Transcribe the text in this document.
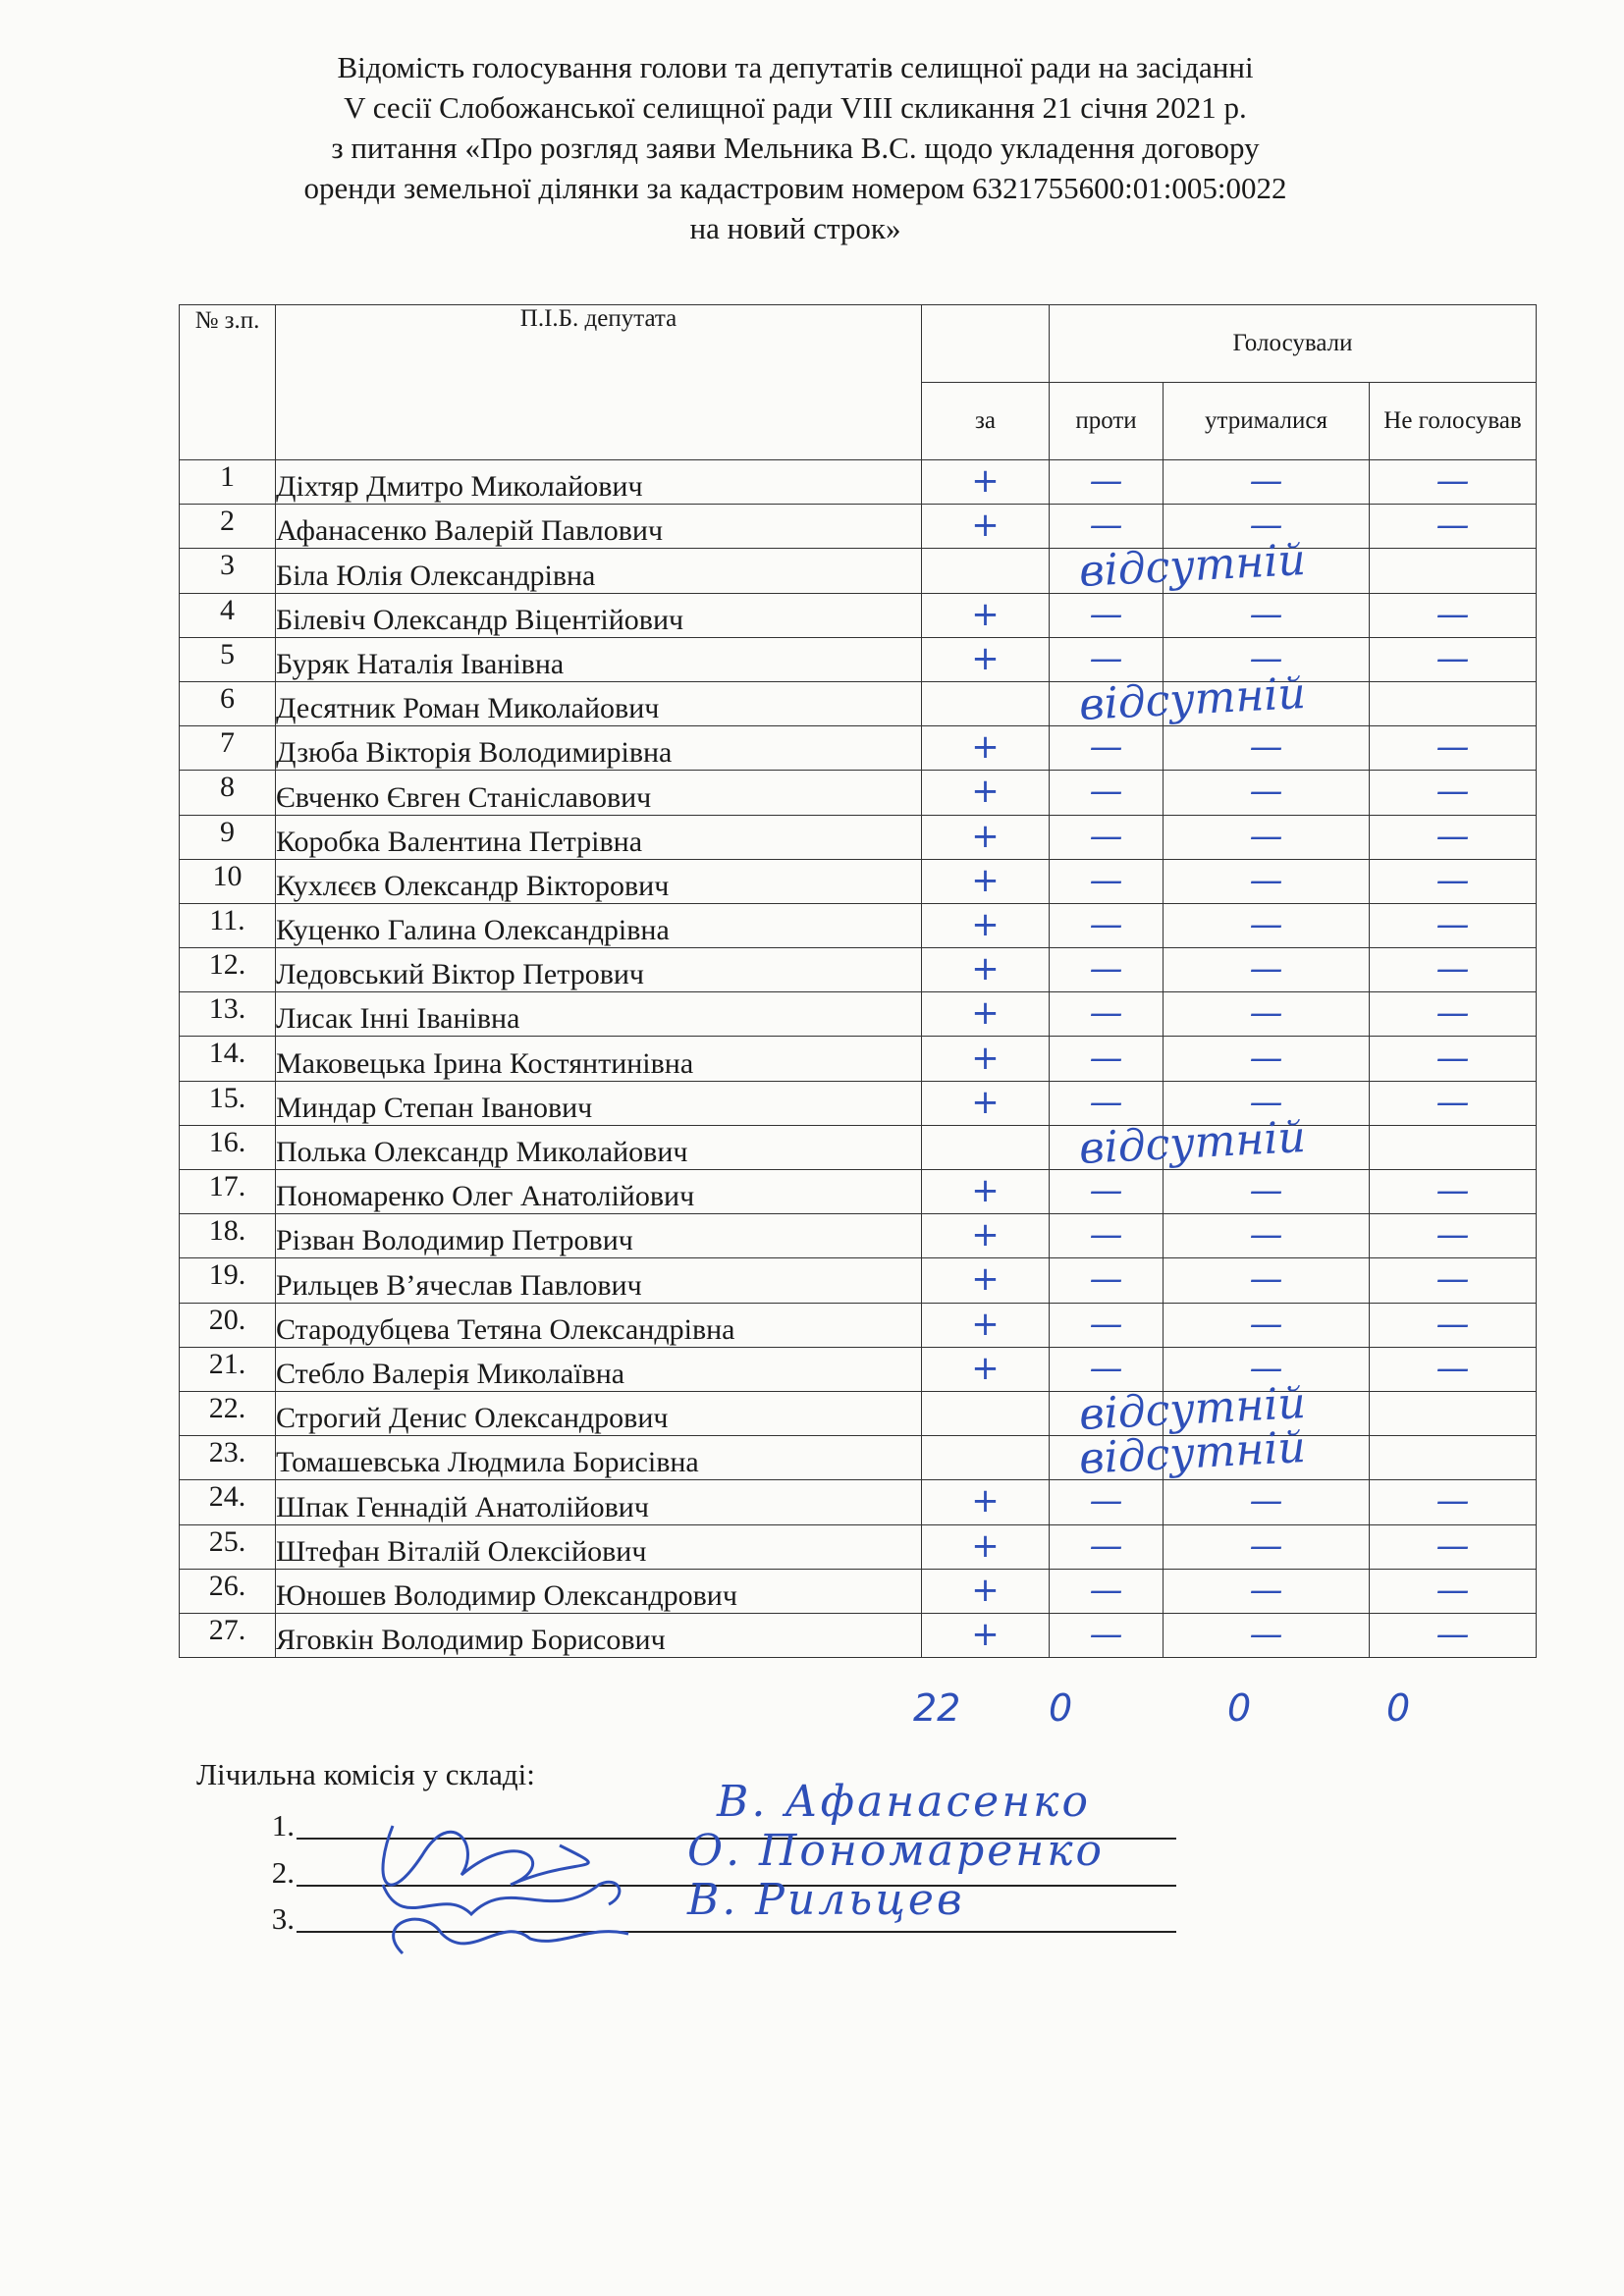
Відомість голосування голови та депутатів селищної ради на засіданні
V сесії Слобожанської селищної ради VIII скликання 21 січня 2021 р.
з питання «Про розгляд заяви Мельника В.С. щодо укладення договору
оренди земельної ділянки за кадастровим номером 6321755600:01:005:0022
на новий строк»
№ з.п.	П.І.Б. депутата		Голосували		
		за	проти	утрималися	Не голосував
1	Діхтяр Дмитро Миколайович	+	—	—	—
2	Афанасенко Валерій Павлович	+	—	—	—
3	Біла Юлія Олександрівна		відсутній		

4	Білевіч Олександр Віцентійович	+	—	—	—
5	Буряк Наталія Іванівна	+	—	—	—
6	Десятник Роман Миколайович		відсутній		

7	Дзюба Вікторія Володимирівна	+	—	—	—
8	Євченко Євген Станіславович	+	—	—	—
9	Коробка Валентина Петрівна	+	—	—	—
10	Кухлєєв Олександр Вікторович	+	—	—	—
11.	Куценко Галина Олександрівна	+	—	—	—
12.	Ледовський Віктор Петрович	+	—	—	—
13.	Лисак Інні Іванівна	+	—	—	—
14.	Маковецька Ірина Костянтинівна	+	—	—	—
15.	Миндар Степан Іванович	+	—	—	—
16.	Полька Олександр Миколайович		відсутній		

17.	Пономаренко Олег Анатолійович	+	—	—	—
18.	Різван Володимир Петрович	+	—	—	—
19.	Рильцев В’ячеслав Павлович	+	—	—	—
20.	Стародубцева Тетяна Олександрівна	+	—	—	—
21.	Стебло Валерія Миколаївна	+	—	—	—
22.	Строгий Денис Олександрович		відсутній		

23.	Томашевська Людмила Борисівна		відсутній		

24.	Шпак Геннадій Анатолійович	+	—	—	—
25.	Штефан Віталій Олексійович	+	—	—	—
26.	Юношев Володимир Олександрович	+	—	—	—
27.	Яговкін Володимир Борисович	+	—	—	—
22 0	0	0
Лічильна комісія у складі:
1.
2.
3.
В. Афанасенко
О. Пономаренко
В. Рильцев
